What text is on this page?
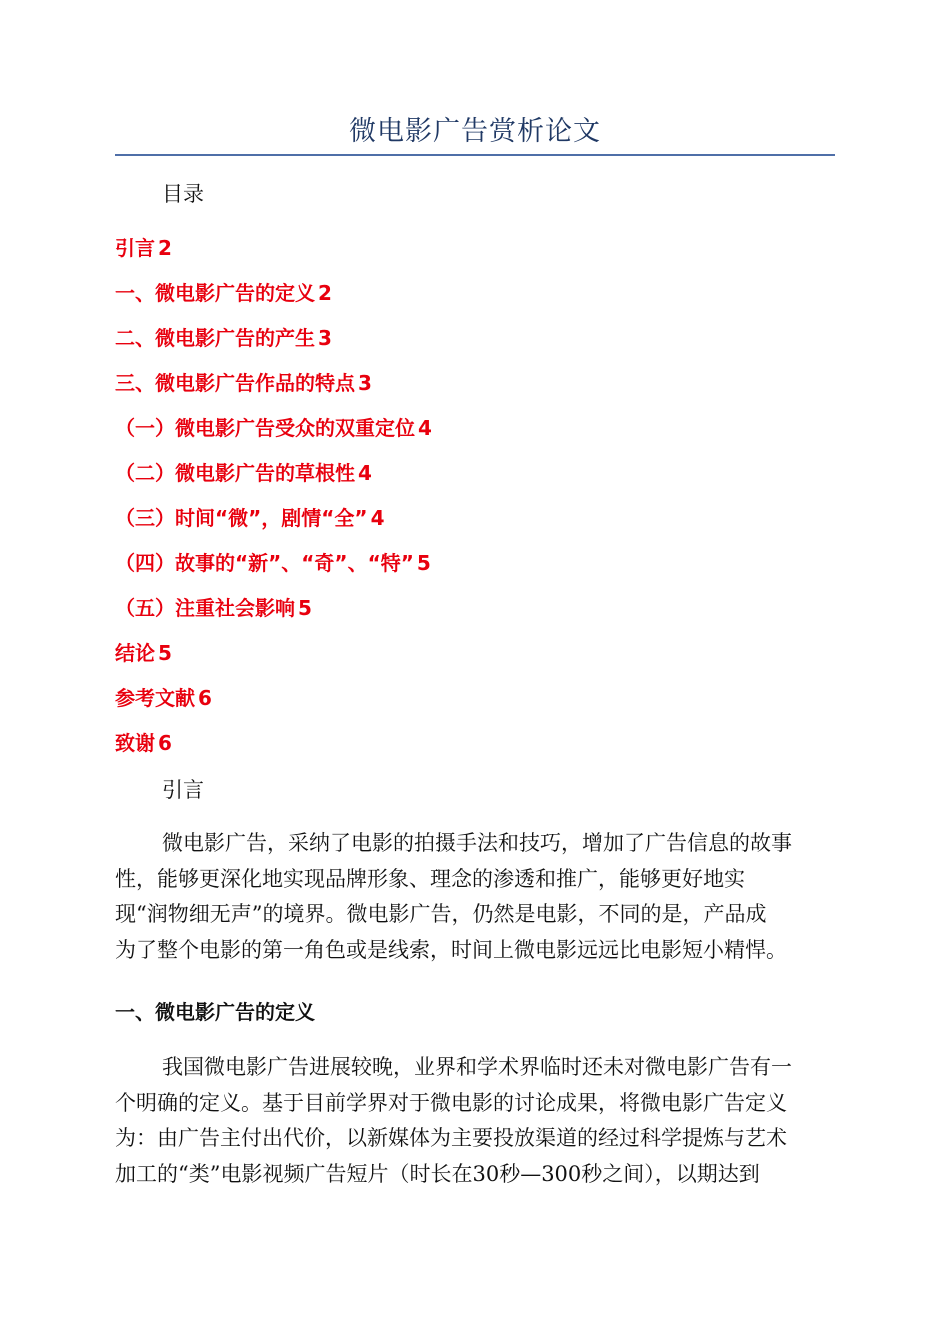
微电影广告赏析论文
目录
引言 2
一、微电影广告的定义 2
二、微电影广告的产生 3
三、微电影广告作品的特点 3
（一）微电影广告受众的双重定位 4
（二）微电影广告的草根性 4
（三）时间“微”，剧情“全” 4
（四）故事的“新”、“奇”、“特” 5
（五）注重社会影响 5
结论 5
参考文献 6
致谢 6
引言

微电影广告，采纳了电影的拍摄手法和技巧，增加了广告信息的故事
性，能够更深化地实现品牌形象、理念的渗透和推广，能够更好地实
现“润物细无声”的境界。微电影广告，仍然是电影，不同的是，产品成
为了整个电影的第一角色或是线索，时间上微电影远远比电影短小精悍。

一、微电影广告的定义

我国微电影广告进展较晚，业界和学术界临时还未对微电影广告有一
个明确的定义。基于目前学界对于微电影的讨论成果，将微电影广告定义
为：由广告主付出代价，以新媒体为主要投放渠道的经过科学提炼与艺术
加工的“类”电影视频广告短片（时长在30秒—300秒之间），以期达到
